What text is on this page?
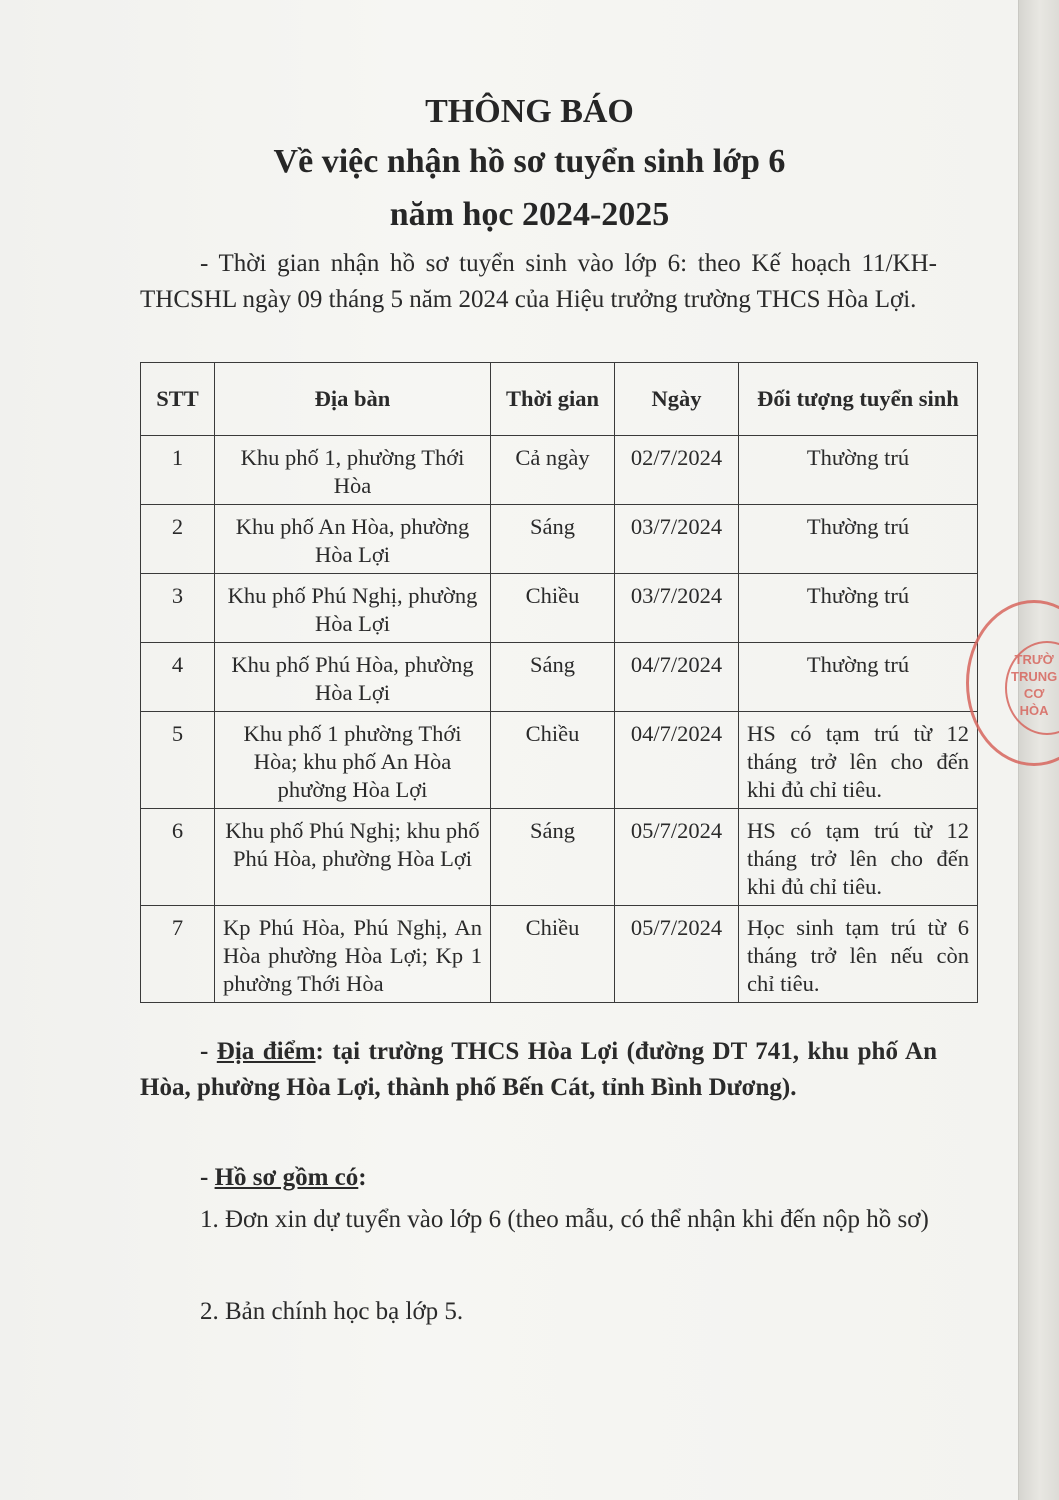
THÔNG BÁO
Về việc nhận hồ sơ tuyển sinh lớp 6
năm học 2024-2025
- Thời gian nhận hồ sơ tuyển sinh vào lớp 6: theo Kế hoạch 11/KH-THCSHL ngày 09 tháng 5 năm 2024 của Hiệu trưởng trường THCS Hòa Lợi.
STT	Địa bàn	Thời gian	Ngày	Đối tượng tuyển sinh
1	Khu phố 1, phường Thới Hòa	Cả ngày	02/7/2024	Thường trú
2	Khu phố An Hòa, phường Hòa Lợi	Sáng	03/7/2024	Thường trú
3	Khu phố Phú Nghị, phường Hòa Lợi	Chiều	03/7/2024	Thường trú
4	Khu phố Phú Hòa, phường Hòa Lợi	Sáng	04/7/2024	Thường trú
5	Khu phố 1 phường Thới Hòa; khu phố An Hòa phường Hòa Lợi	Chiều	04/7/2024	HS có tạm trú từ 12 tháng trở lên cho đến khi đủ chỉ tiêu.
6	Khu phố Phú Nghị; khu phố Phú Hòa, phường Hòa Lợi	Sáng	05/7/2024	HS có tạm trú từ 12 tháng trở lên cho đến khi đủ chỉ tiêu.
7	Kp Phú Hòa, Phú Nghị, An Hòa phường Hòa Lợi; Kp 1 phường Thới Hòa	Chiều	05/7/2024	Học sinh tạm trú từ 6 tháng trở lên nếu còn chỉ tiêu.
- Địa điểm: tại trường THCS Hòa Lợi (đường DT 741, khu phố An Hòa, phường Hòa Lợi, thành phố Bến Cát, tỉnh Bình Dương).
- Hồ sơ gồm có:
1. Đơn xin dự tuyển vào lớp 6 (theo mẫu, có thể nhận khi đến nộp hồ sơ)
2. Bản chính học bạ lớp 5.
TRƯỜ
TRUNG
CƠ
HÒA
